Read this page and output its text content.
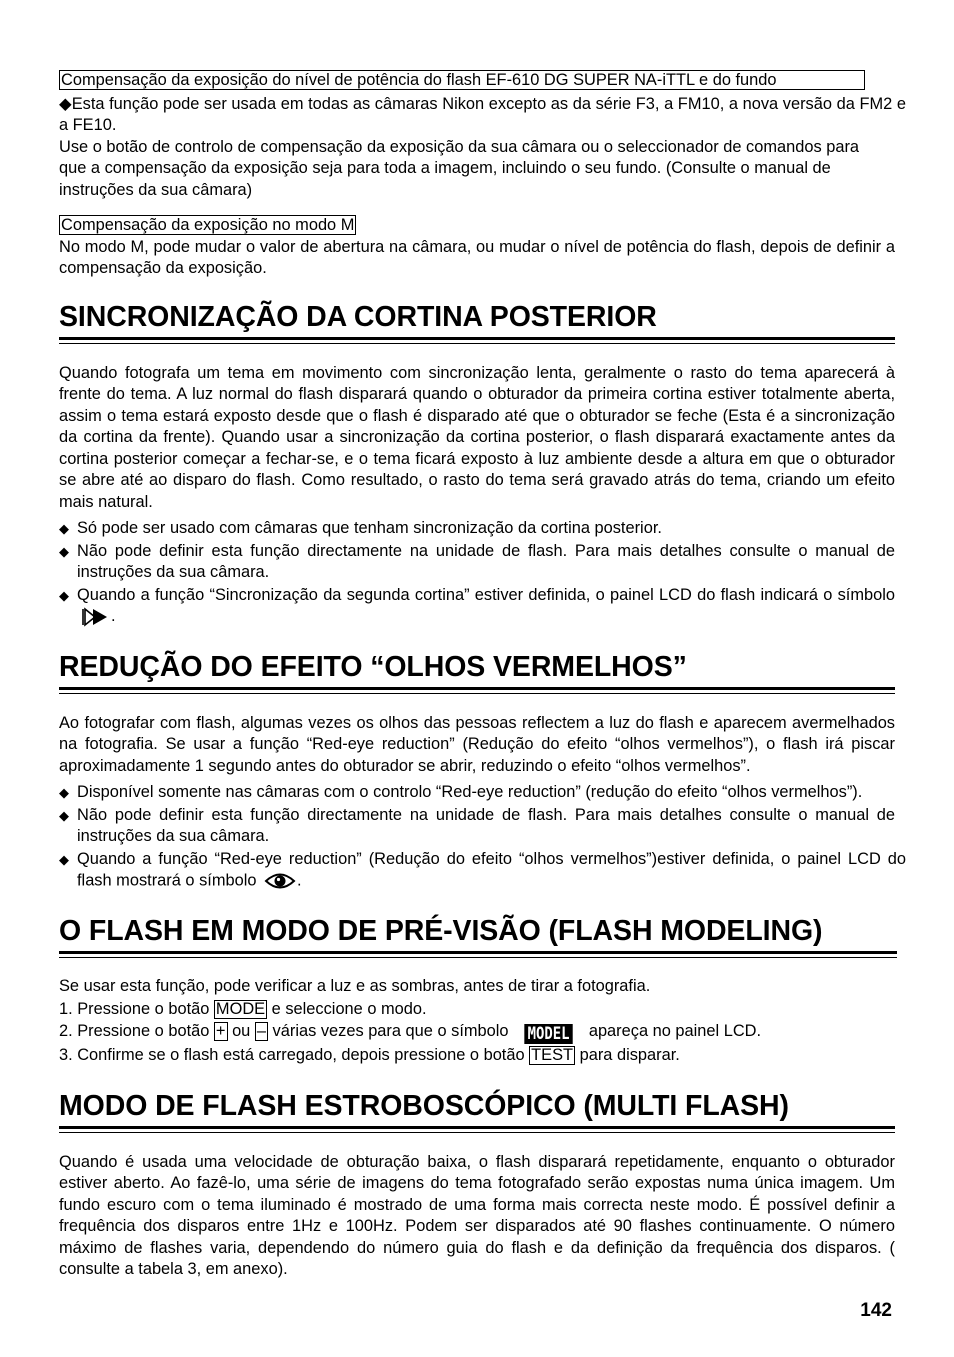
Compensação da exposição do nível de potência do flash EF-610 DG SUPER NA-iTTL e do fundo

◆Esta função pode ser usada em todas as câmaras Nikon excepto as da série F3, a FM10, a nova versão da FM2 e a FE10.

Use o botão de controlo de compensação da exposição da sua câmara ou o seleccionador de comandos para que a compensação da exposição seja para toda a imagem, incluindo o seu fundo. (Consulte o manual de instruções da sua câmara)

Compensação da exposição no modo M

No modo M, pode mudar o valor de abertura na câmara, ou mudar o nível de potência do flash, depois de definir a compensação da exposição.

SINCRONIZAÇÃO DA CORTINA POSTERIOR

Quando fotografa um tema em movimento com sincronização lenta, geralmente o rasto do tema aparecerá à frente do tema. A luz normal do flash disparará quando o obturador da primeira cortina estiver totalmente aberta, assim o tema estará exposto desde que o flash é disparado até que o obturador se feche (Esta é a sincronização da cortina da frente). Quando usar a sincronização da cortina posterior, o flash disparará exactamente antes da cortina posterior começar a fechar-se, e o tema ficará exposto à luz ambiente desde a altura em que o obturador se abre até ao disparo do flash. Como resultado, o rasto do tema será gravado atrás do tema, criando um efeito mais natural.

◆ Só pode ser usado com câmaras que tenham sincronização da cortina posterior.
◆ Não pode definir esta função directamente na unidade de flash. Para mais detalhes consulte o manual de instruções da sua câmara.
◆ Quando a função “Sincronização da segunda cortina” estiver definida, o painel LCD do flash indicará o símbolo .
REDUÇÃO DO EFEITO “OLHOS VERMELHOS”

Ao fotografar com flash, algumas vezes os olhos das pessoas reflectem a luz do flash e aparecem avermelhados na fotografia. Se usar a função “Red-eye reduction” (Redução do efeito “olhos vermelhos”), o flash irá piscar aproximadamente 1 segundo antes do obturador se abrir, reduzindo o efeito “olhos vermelhos”.

◆ Disponível somente nas câmaras com o controlo “Red-eye reduction” (redução do efeito “olhos vermelhos”).
◆ Não pode definir esta função directamente na unidade de flash. Para mais detalhes consulte o manual de instruções da sua câmara.
◆ Quando a função “Red-eye reduction” (Redução do efeito “olhos vermelhos”)estiver definida, o painel LCD do flash mostrará o símbolo .
O FLASH EM MODO DE PRÉ-VISÃO (FLASH MODELING)

Se usar esta função, pode verificar a luz e as sombras, antes de tirar a fotografia.

1. Pressione o botão MODE e seleccione o modo.
2. Pressione o botão + ou – várias vezes para que o símbolo MODEL apareça no painel LCD.
3. Confirme se o flash está carregado, depois pressione o botão TEST para disparar.
MODO DE FLASH ESTROBOSCÓPICO (MULTI FLASH)

Quando é usada uma velocidade de obturação baixa, o flash disparará repetidamente, enquanto o obturador estiver aberto. Ao fazê-lo, uma série de imagens do tema fotografado serão expostas numa única imagem. Um fundo escuro com o tema iluminado é mostrado de uma forma mais correcta neste modo. É possível definir a frequência dos disparos entre 1Hz e 100Hz. Podem ser disparados até 90 flashes continuamente. O número máximo de flashes varia, dependendo do número guia do flash e da definição da frequência dos disparos. ( consulte a tabela 3, em anexo).

142
